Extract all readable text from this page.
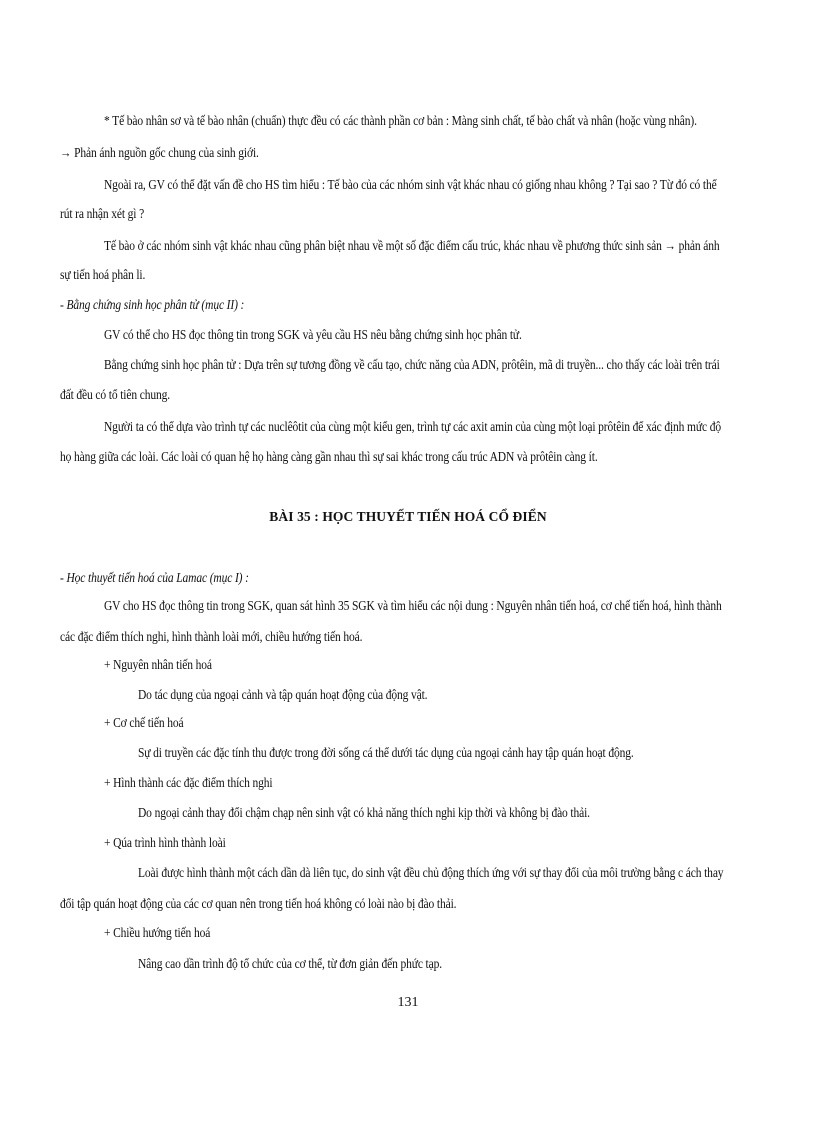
* Tế bào nhân sơ và tế bào nhân (chuẩn) thực đều có các thành phần cơ bản : Màng sinh chất, tế bào chất và nhân (hoặc vùng nhân).
→ Phản ánh nguồn gốc chung của sinh giới.
Ngoài ra, GV có thể đặt vấn đề cho HS tìm hiểu : Tế bào của các nhóm sinh vật khác nhau có giống nhau không ? Tại sao ? Từ đó có thể
rút ra nhận xét gì ?
Tế bào ở các nhóm sinh vật khác nhau cũng phân biệt nhau về một số đặc điểm cấu trúc, khác nhau về phương thức sinh sản → phản ánh
sự tiến hoá phân li.
- Bằng chứng sinh học phân tử (mục II) :
GV có thể cho HS đọc thông tin trong SGK và yêu cầu HS nêu bằng chứng sinh học phân tử.
Bằng chứng sinh học phân tử : Dựa trên sự tương đồng về cấu tạo, chức năng của ADN, prôtêin, mã di truyền... cho thấy các loài trên trái
đất đều có tổ tiên chung.
Người ta có thể dựa vào trình tự các nuclêôtit của cùng một kiểu gen, trình tự các axit amin của cùng một loại prôtêin để xác định mức độ
họ hàng giữa các loài. Các loài có quan hệ họ hàng càng gần nhau thì sự sai khác trong cấu trúc ADN và prôtêin càng ít.
BÀI 35 : HỌC THUYẾT TIẾN HOÁ CỔ ĐIỂN
- Học thuyết tiến hoá của Lamac (mục I) :
GV cho HS đọc thông tin trong SGK, quan sát hình 35 SGK và tìm hiểu các nội dung : Nguyên nhân tiến hoá, cơ chế tiến hoá, hình thành
các đặc điểm thích nghi, hình thành loài mới, chiều hướng tiến hoá.
+ Nguyên nhân tiến hoá
Do tác dụng của ngoại cảnh và tập quán hoạt động của động vật.
+ Cơ chế tiến hoá
Sự di truyền các đặc tính thu được trong đời sống cá thể dưới tác dụng của ngoại cảnh hay tập quán hoạt động.
+ Hình thành các đặc điểm thích nghi
Do ngoại cảnh thay đổi chậm chạp nên sinh vật có khả năng thích nghi kịp thời và không bị đào thải.
+ Qúa trình hình thành loài
Loài được hình thành một cách dần dà liên tục, do sinh vật đều chủ động thích ứng với sự thay đổi của môi trường bằng c ách thay
đổi tập quán hoạt động của các cơ quan nên trong tiến hoá không có loài nào bị đào thải.
+ Chiều hướng tiến hoá
Nâng cao dần trình độ tổ chức của cơ thể, từ đơn giản đến phức tạp.
131
